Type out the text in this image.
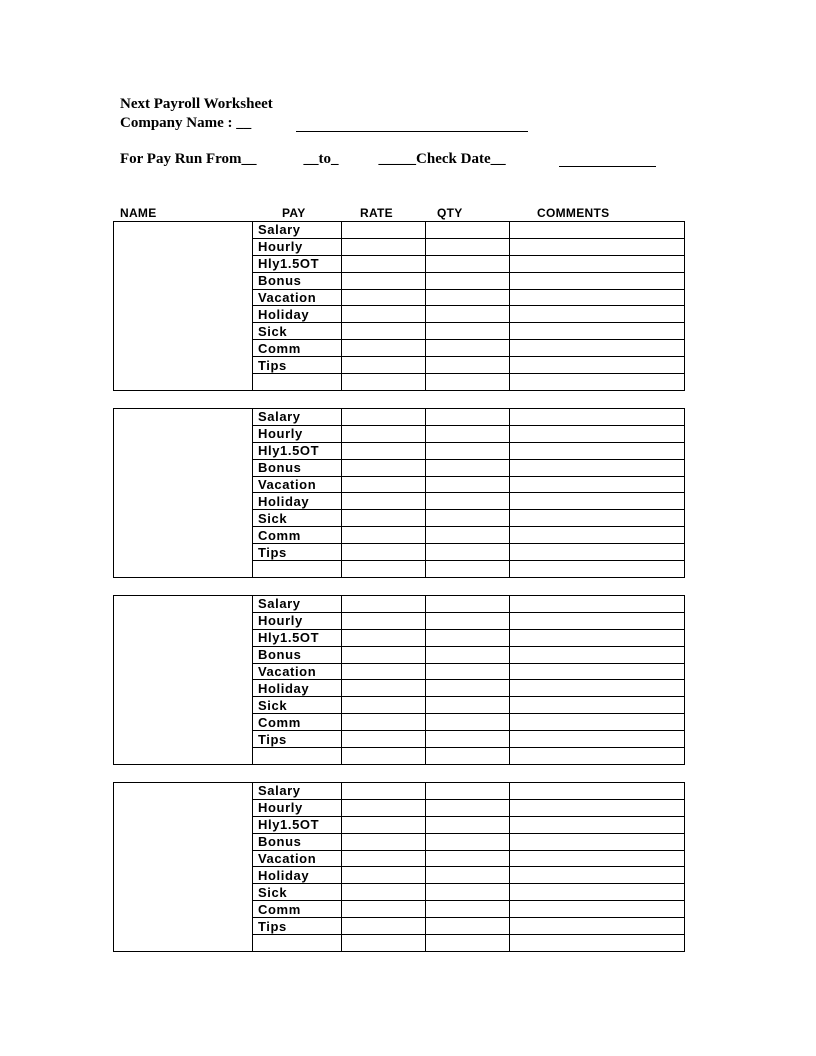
Next Payroll Worksheet
Company Name : __
For Pay Run From__	__to_	_____Check Date__
NAME	PAY	RATE	QTY	COMMENTS
	Salary			
	Hourly			
	Hly1.5OT			
	Bonus			
	Vacation			
	Holiday			
	Sick			
	Comm			
	Tips			

	Salary			
	Hourly			
	Hly1.5OT			
	Bonus			
	Vacation			
	Holiday			
	Sick			
	Comm			
	Tips			

	Salary			
	Hourly			
	Hly1.5OT			
	Bonus			
	Vacation			
	Holiday			
	Sick			
	Comm			
	Tips			

	Salary			
	Hourly			
	Hly1.5OT			
	Bonus			
	Vacation			
	Holiday			
	Sick			
	Comm			
	Tips			
